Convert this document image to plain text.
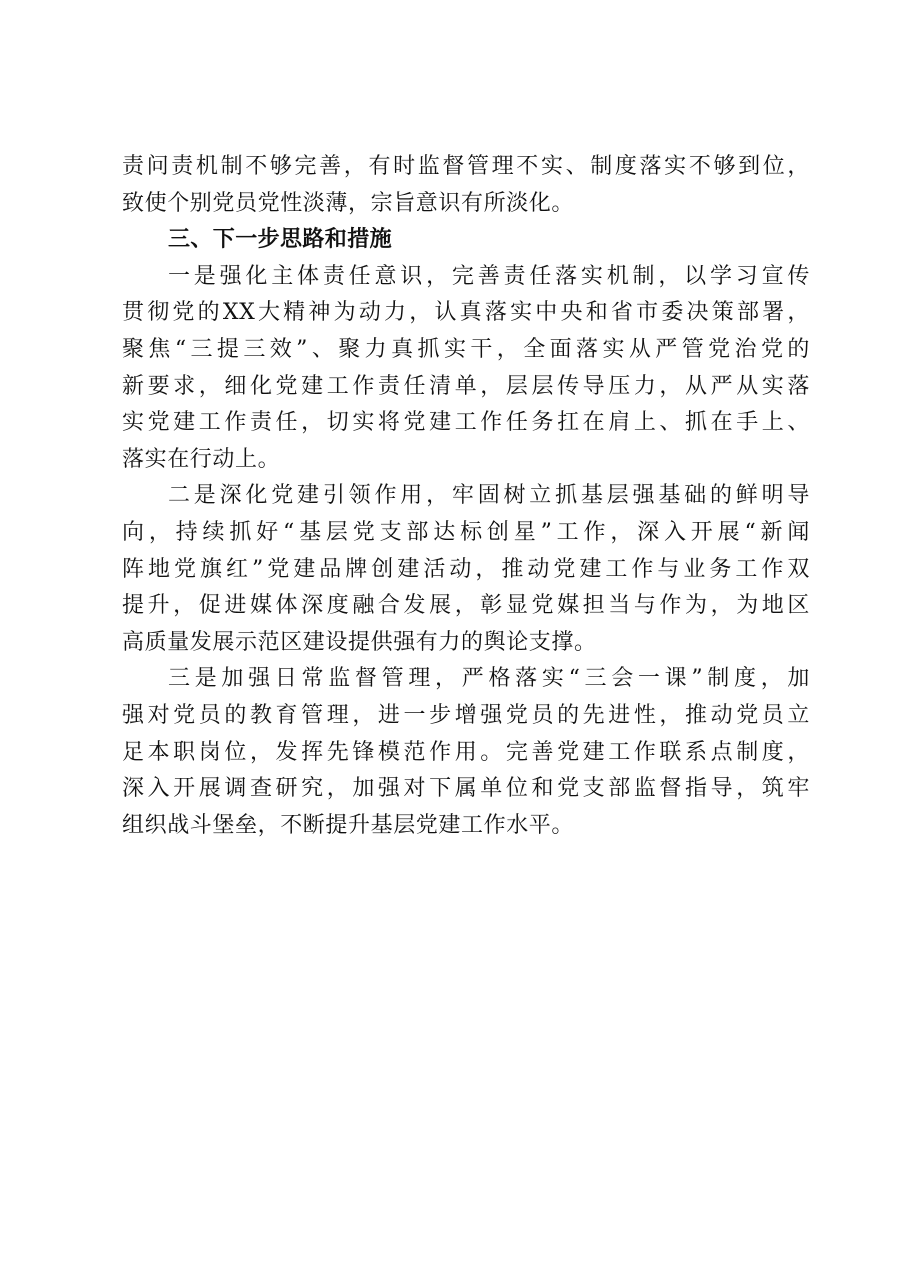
责问责机制不够完善，有时监督管理不实、制度落实不够到位，
致使个别党员党性淡薄，宗旨意识有所淡化。
三、下一步思路和措施
一是强化主体责任意识，完善责任落实机制，以学习宣传
贯彻党的XX大精神为动力，认真落实中央和省市委决策部署，
聚焦“三提三效”、聚力真抓实干，全面落实从严管党治党的
新要求，细化党建工作责任清单，层层传导压力，从严从实落
实党建工作责任，切实将党建工作任务扛在肩上、抓在手上、
落实在行动上。
二是深化党建引领作用，牢固树立抓基层强基础的鲜明导
向，持续抓好“基层党支部达标创星”工作，深入开展“新闻
阵地党旗红”党建品牌创建活动，推动党建工作与业务工作双
提升，促进媒体深度融合发展，彰显党媒担当与作为，为地区
高质量发展示范区建设提供强有力的舆论支撑。
三是加强日常监督管理，严格落实“三会一课”制度，加
强对党员的教育管理，进一步增强党员的先进性，推动党员立
足本职岗位，发挥先锋模范作用。完善党建工作联系点制度，
深入开展调查研究，加强对下属单位和党支部监督指导，筑牢
组织战斗堡垒，不断提升基层党建工作水平。
